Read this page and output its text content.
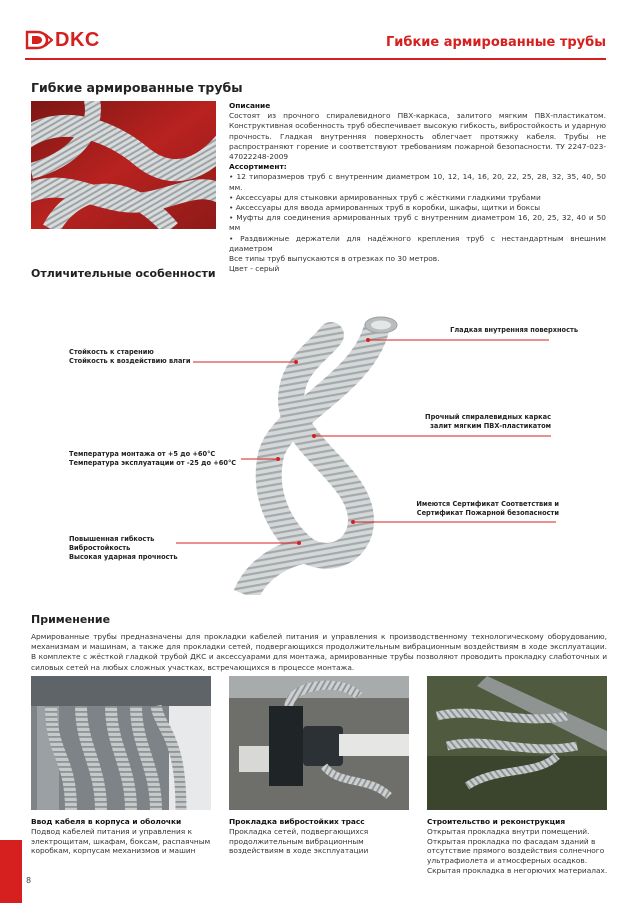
DKC	Гибкие армированные трубы
Гибкие армированные трубы

Описание

Состоят из прочного спиралевидного ПВХ-каркаса, залитого мягким ПВХ-пластикатом. Конструктивная особенность труб обеспечивает высокую гибкость, вибростойкость и ударную прочность. Гладкая внутренняя поверхность облегчает протяжку кабеля. Трубы не распространяют горение и соответствуют требованиям пожарной безопасности. ТУ 2247-023-47022248-2009

Ассортимент:

• 12 типоразмеров труб с внутренним диаметром 10, 12, 14, 16, 20, 22, 25, 28, 32, 35, 40, 50 мм.

• Аксессуары для стыковки армированных труб с жёсткими гладкими трубами

• Аксессуары для ввода армированных труб в коробки, шкафы, щитки и боксы

• Муфты для соединения армированных труб с внутренним диаметром 16, 20, 25, 32, 40 и 50 мм

• Раздвижные держатели для надёжного крепления труб с нестандартным внешним диаметром

Все типы труб выпускаются в отрезках по 30 метров.

Цвет - серый

Отличительные особенности
Стойкость к старению
Стойкость к воздействию влаги
Температура монтажа от +5 до +60°C
Температура эксплуатации от -25 до +60°C
Повышенная гибкость
Вибростойкость
Высокая ударная прочность
Гладкая внутренняя поверхность
Прочный спиралевидных каркас
залит мягким ПВХ-пластикатом
Имеются Сертификат Соответствия и
Сертификат Пожарной безопасности
Применение
Армированные трубы предназначены для прокладки кабелей питания и управления к производственному технологическому оборудованию, механизмам и машинам, а также для прокладки сетей, подвергающихся продолжительным вибрационным воздействиям в ходе эксплуатации. В комплекте с жёсткой гладкой трубой ДКС и аксессуарами для монтажа, армированные трубы позволяют проводить прокладку слаботочных и силовых сетей на любых сложных участках, встречающихся в процессе монтажа.
Ввод кабеля в корпуса и оболочки
Подвод кабелей питания и управления к
электрощитам, шкафам, боксам, распаячным
коробкам, корпусам механизмов и машин
Прокладка вибростойких трасс
Прокладка сетей, подвергающихся
продолжительным вибрационным
воздействиям в ходе эксплуатации
Строительство и реконструкция
Открытая прокладка внутри помещений.
Открытая прокладка по фасадам зданий в
отсутствие прямого воздействия солнечного
ультрафиолета и атмосферных осадков.
Скрытая прокладка в негорючих материалах.
8
